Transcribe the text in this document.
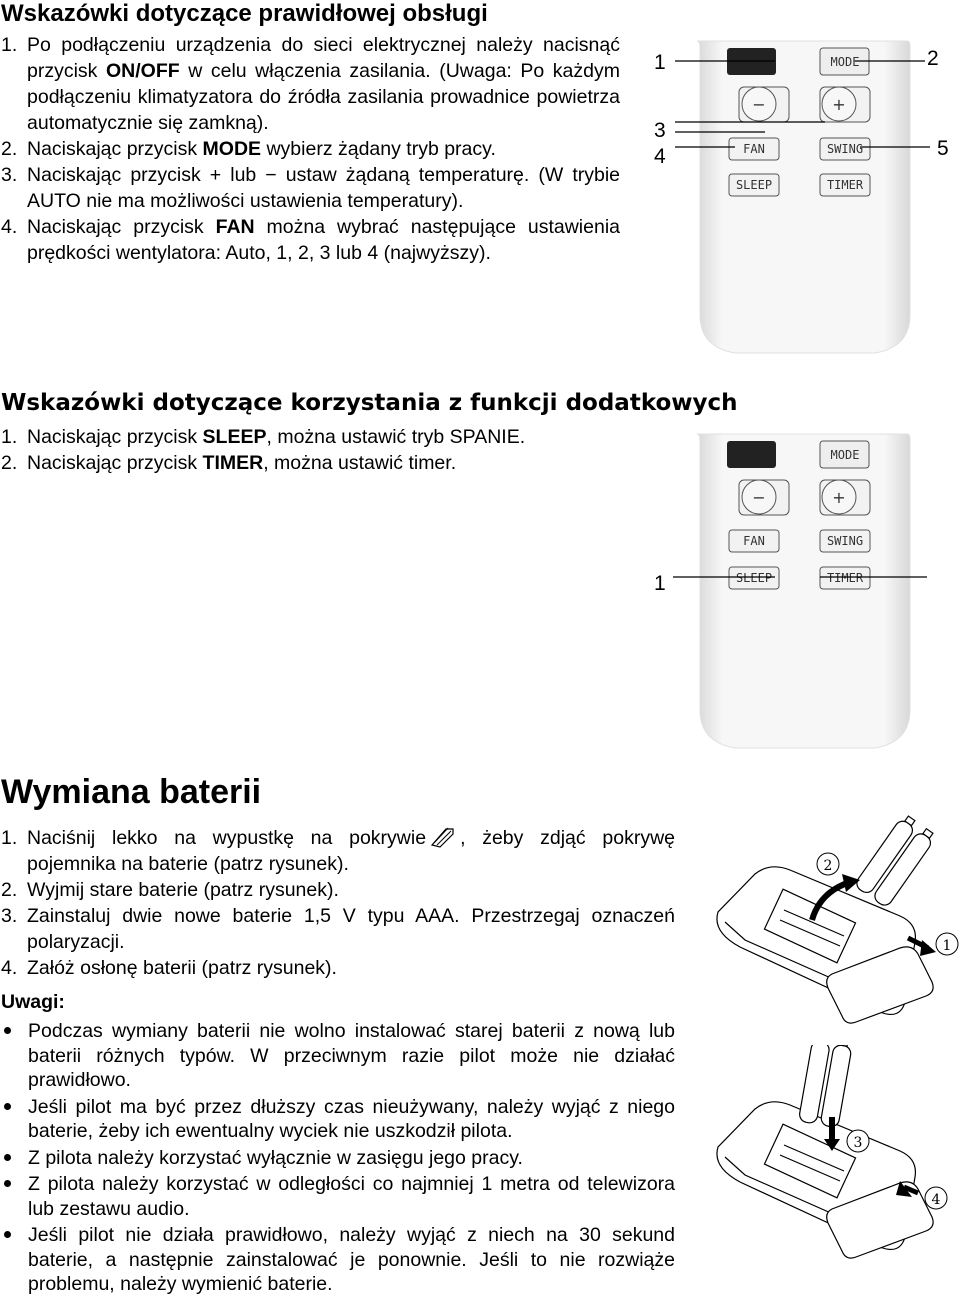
Wskazówki dotyczące prawidłowej obsługi
1. Po podłączeniu urządzenia do sieci elektrycznej należy nacisnąć przycisk ON/OFF w celu włączenia zasilania. (Uwaga: Po każdym podłączeniu klimatyzatora do źródła zasilania prowadnice powietrza automatycznie się zamkną).
2. Naciskając przycisk MODE wybierz żądany tryb pracy.
3. Naciskając przycisk + lub − ustaw żądaną temperaturę. (W trybie AUTO nie ma możliwości ustawienia temperatury).
4. Naciskając przycisk FAN można wybrać następujące ustawienia prędkości wentylatora: Auto, 1, 2, 3 lub 4 (najwyższy).
MODE
−	+
FAN	SWING
SLEEP	TIMER
1	2
3
4	5
Wskazówki dotyczące korzystania z funkcji dodatkowych
1. Naciskając przycisk SLEEP, można ustawić tryb SPANIE.
2. Naciskając przycisk TIMER, można ustawić timer.	MODE
−	+
FAN	SWING
SLEEP	TIMER
1
Wymiana baterii
1. Naciśnij lekko na wypustkę na pokrywie , żeby zdjąć pokrywę pojemnika na baterie (patrz rysunek).
2. Wyjmij stare baterie (patrz rysunek).
3. Zainstaluj dwie nowe baterie 1,5 V typu AAA. Przestrzegaj oznaczeń polaryzacji.
4. Załóż osłonę baterii (patrz rysunek).
Uwagi:
Podczas wymiany baterii nie wolno instalować starej baterii z nową lub baterii różnych typów. W przeciwnym razie pilot może nie działać prawidłowo.
Jeśli pilot ma być przez dłuższy czas nieużywany, należy wyjąć z niego baterie, żeby ich ewentualny wyciek nie uszkodził pilota.
Z pilota należy korzystać wyłącznie w zasięgu jego pracy.
Z pilota należy korzystać w odległości co najmniej 1 metra od telewizora lub zestawu audio.
Jeśli pilot nie działa prawidłowo, należy wyjąć z niech na 30 sekund baterie, a następnie zainstalować je ponownie. Jeśli to nie rozwiąże problemu, należy wymienić baterie.
2
1
3
4
